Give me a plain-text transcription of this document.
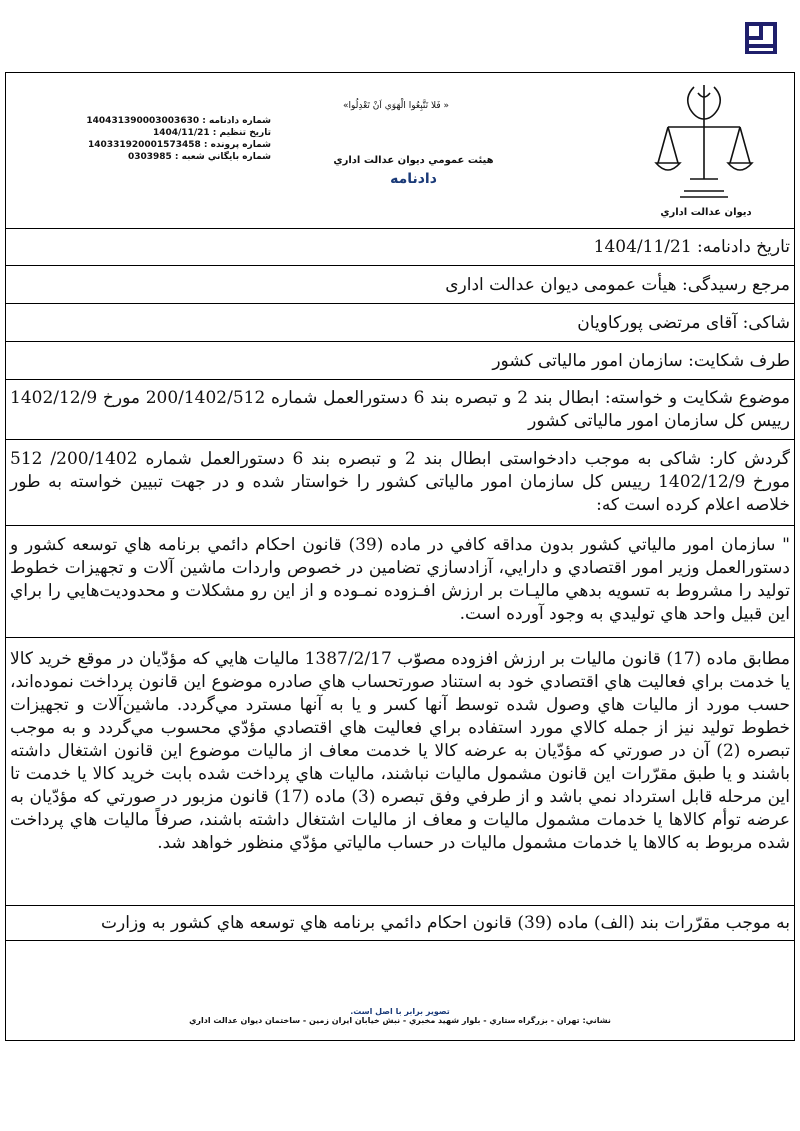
ديوان عدالت اداري
«فَلا تَتَّبِعُوا الْهَوَي اَنْ تَعْدِلُوا »
هيئت عمومي ديوان عدالت اداري
دادنامه
شماره دادنامه : 140431390003003630
تاريخ تنظيم : 1404/11/21
شماره پرونده : 140331920001573458
شماره بايگاني شعبه : 0303985
تاریخ دادنامه: 1404/11/21
مرجع رسیدگی: هیأت عمومی دیوان عدالت اداری
شاکی: آقای مرتضی پورکاویان
طرف شکایت: سازمان امور مالیاتی کشور
موضوع شکایت و خواسته: ابطال بند 2 و تبصره بند 6 دستورالعمل شماره 200/1402/512 مورخ 1402/12/9 رییس کل سازمان امور مالیاتی کشور
گردش کار: شاکی به موجب دادخواستی ابطال بند 2 و تبصره بند 6 دستورالعمل شماره 200/1402/ 512 مورخ 1402/12/9 رییس کل سازمان امور مالیاتی کشور را خواستار شده و در جهت تبیین خواسته به طور خلاصه اعلام کرده است که:
" سازمان امور مالیاتي کشور بدون مداقه کافي در ماده (39) قانون احکام دائمي برنامه هاي توسعه کشور و دستورالعمل وزير امور اقتصادي و دارايي، آزادسازي تضامين در خصوص واردات ماشين آلات و تجهيزات خطوط توليد را مشروط به تسويه بدهي ماليـات بر ارزش افـزوده نمـوده و از اين رو مشکلات و محدوديت‌هايي را براي اين قبيل واحد هاي توليدي به وجود آورده است.
مطابق ماده (17) قانون ماليات بر ارزش افزوده مصوّب 1387/2/17 ماليات هايي که مؤدّيان در موقع خريد کالا يا خدمت براي فعاليت هاي اقتصادي خود به استناد صورتحساب هاي صادره موضوع اين قانون پرداخت نموده‌اند، حسب مورد از ماليات هاي وصول شده توسط آنها کسر و يا به آنها مسترد مي‌گردد. ماشين‌آلات و تجهيزات خطوط توليد نيز از جمله کالاي مورد استفاده براي فعاليت هاي اقتصادي مؤدّي محسوب مي‌گردد و به موجب تبصره (2) آن در صورتي که مؤدّيان به عرضه کالا يا خدمت معاف از ماليات موضوع اين قانون اشتغال داشته باشند و يا طبق مقرّرات اين قانون مشمول ماليات نباشند، ماليات هاي پرداخت شده بابت خريد کالا يا خدمت تا اين مرحله قابل استرداد نمي باشد و از طرفي وفق تبصره (3) ماده (17) قانون مزبور در صورتي که مؤدّيان به عرضه توأم کالاها يا خدمات مشمول ماليات و معاف از ماليات اشتغال داشته باشند، صرفاً ماليات هاي پرداخت شده مربوط به کالاها يا خدمات مشمول ماليات در حساب مالياتي مؤدّي منظور خواهد شد.
به موجب مقرّرات بند (الف) ماده (39) قانون احکام دائمي برنامه هاي توسعه هاي کشور به وزارت
تصوير برابر با اصل است.
نشاني: تهران - بزرگراه ستاري - بلوار شهيد مخبري - نبش خيابان ايران زمين - ساختمان ديوان عدالت اداري
